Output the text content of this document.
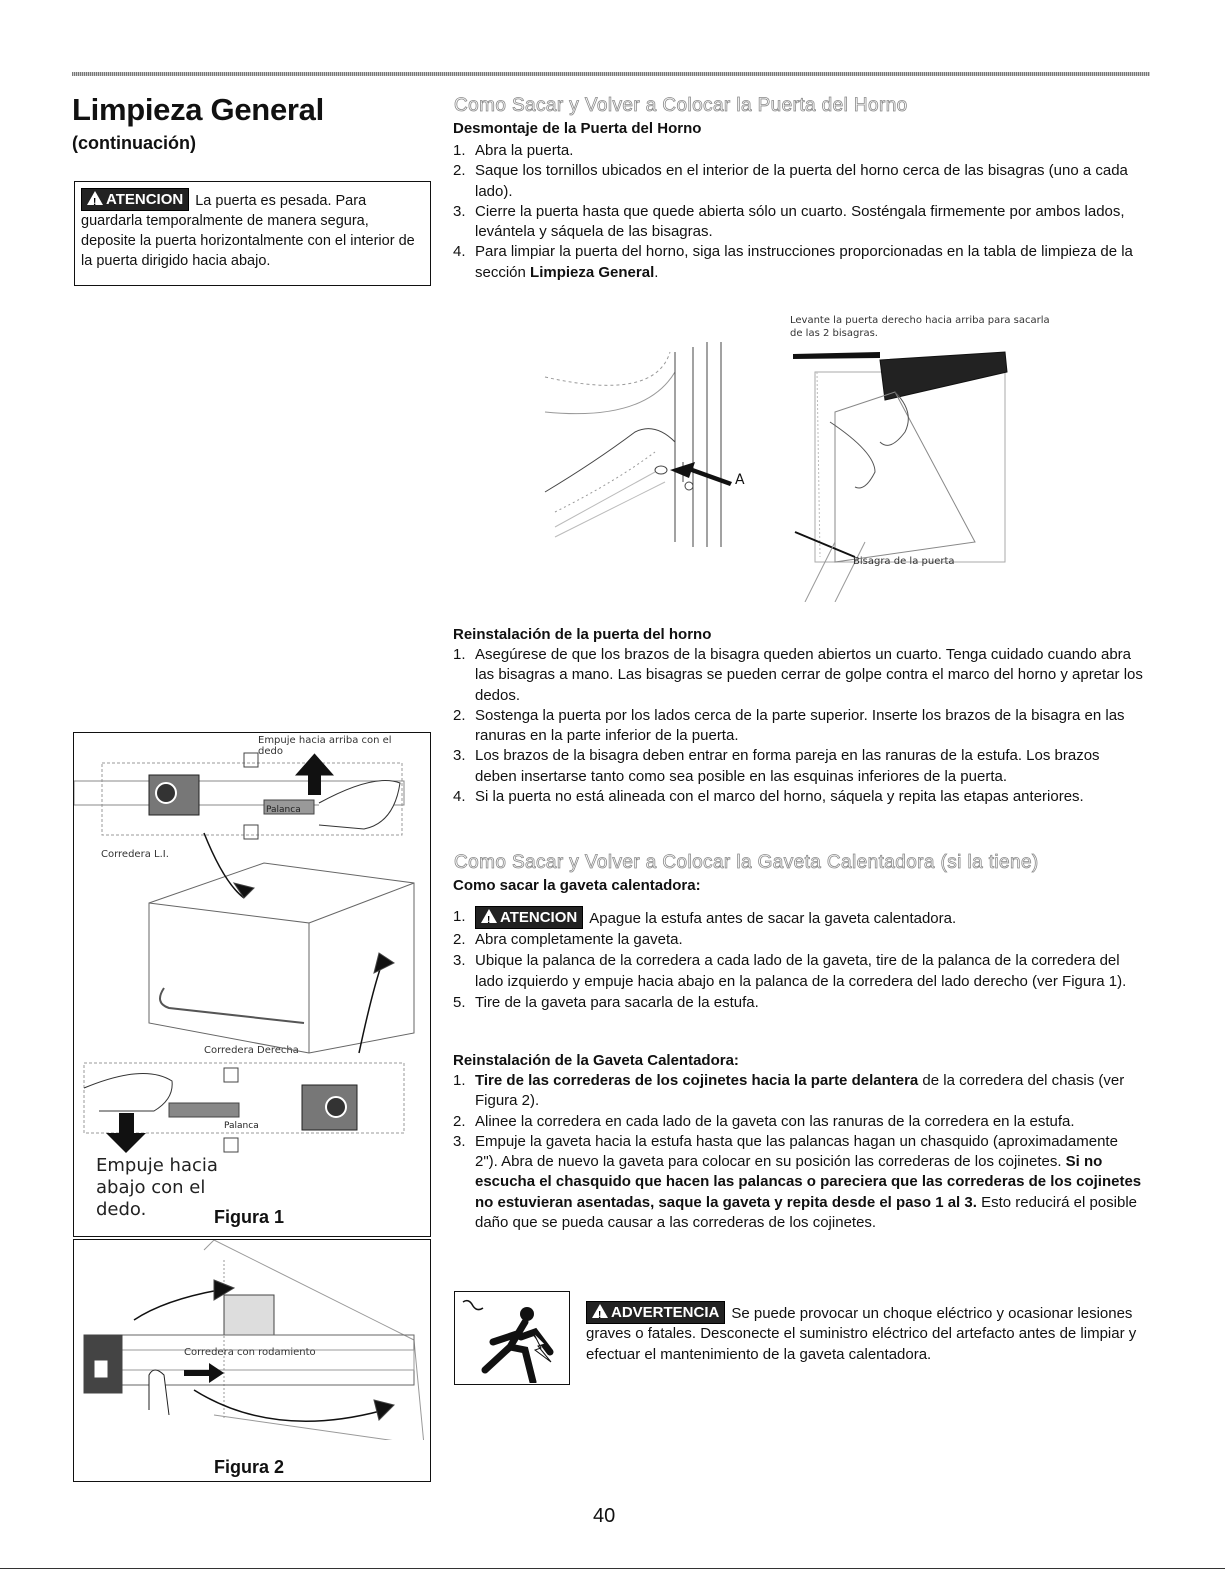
Limpieza General
(continuación)
!ATENCION La puerta es pesada. Para guardarla temporalmente de manera segura, deposite la puerta horizontalmente con el interior de la puerta dirigido hacia abajo.
Como Sacar y Volver a Colocar la Puerta del Horno
Desmontaje de la Puerta del Horno
1. Abra la puerta.
2. Saque los tornillos ubicados en el interior de la puerta del horno cerca de las bisagras (uno a cada lado).
3. Cierre la puerta hasta que quede abierta sólo un cuarto. Sosténgala firmemente por ambos lados, levántela y sáquela de las bisagras.
4. Para limpiar la puerta del horno, siga las instrucciones proporcionadas en la tabla de limpieza de la sección Limpieza General.
Levante la puerta derecho hacia arriba para sacarla de las 2 bisagras.
A
Bisagra de la puerta
Reinstalación de la puerta del horno
1. Asegúrese de que los brazos de la bisagra queden abiertos un cuarto. Tenga cuidado cuando abra las bisagras a mano. Las bisagras se pueden cerrar de golpe contra el marco del horno y apretar los dedos.
2. Sostenga la puerta por los lados cerca de la parte superior. Inserte los brazos de la bisagra en las ranuras en la parte inferior de la puerta.
3. Los brazos de la bisagra deben entrar en forma pareja en las ranuras de la estufa. Los brazos deben insertarse tanto como sea posible en las esquinas inferiores de la puerta.
4. Si la puerta no está alineada con el marco del horno, sáquela y repita las etapas anteriores.
Como Sacar y Volver a Colocar la Gaveta Calentadora (si la tiene)
Como sacar la gaveta calentadora:
1.
! ATENCION Apague la estufa antes de sacar la gaveta calentadora.
2. Abra completamente la gaveta.
3. Ubique la palanca de la corredera a cada lado de la gaveta, tire de la palanca de la corredera del lado izquierdo y empuje hacia abajo en la palanca de la corredera del lado derecho (ver Figura 1).
5. Tire de la gaveta para sacarla de la estufa.
Reinstalación de la Gaveta Calentadora:
1. Tire de las correderas de los cojinetes hacia la parte delantera de la corredera del chasis (ver Figura 2).
2. Alinee la corredera en cada lado de la gaveta con las ranuras de la corredera en la estufa.
3. Empuje la gaveta hacia la estufa hasta que las palancas hagan un chasquido (aproximadamente 2"). Abra de nuevo la gaveta para colocar en su posición las correderas de los cojinetes. Si no escucha el chasquido que hacen las palancas o pareciera que las correderas de los cojinetes no estuvieran asentadas, saque la gaveta y repita desde el paso 1 al 3. Esto reducirá el posible daño que se pueda causar a las correderas de los cojinetes.
!ADVERTENCIA Se puede provocar un choque eléctrico y ocasionar lesiones graves o fatales. Desconecte el suministro eléctrico del artefacto antes de limpiar y efectuar el mantenimiento de la gaveta calentadora.
Empuje hacia arriba con el dedo
Corredera L.I.
Corredera Derecha
Palanca
Palanca
Empuje hacia abajo con el dedo.	Figura 1
Corredera con rodamiento
Figura 2
40
